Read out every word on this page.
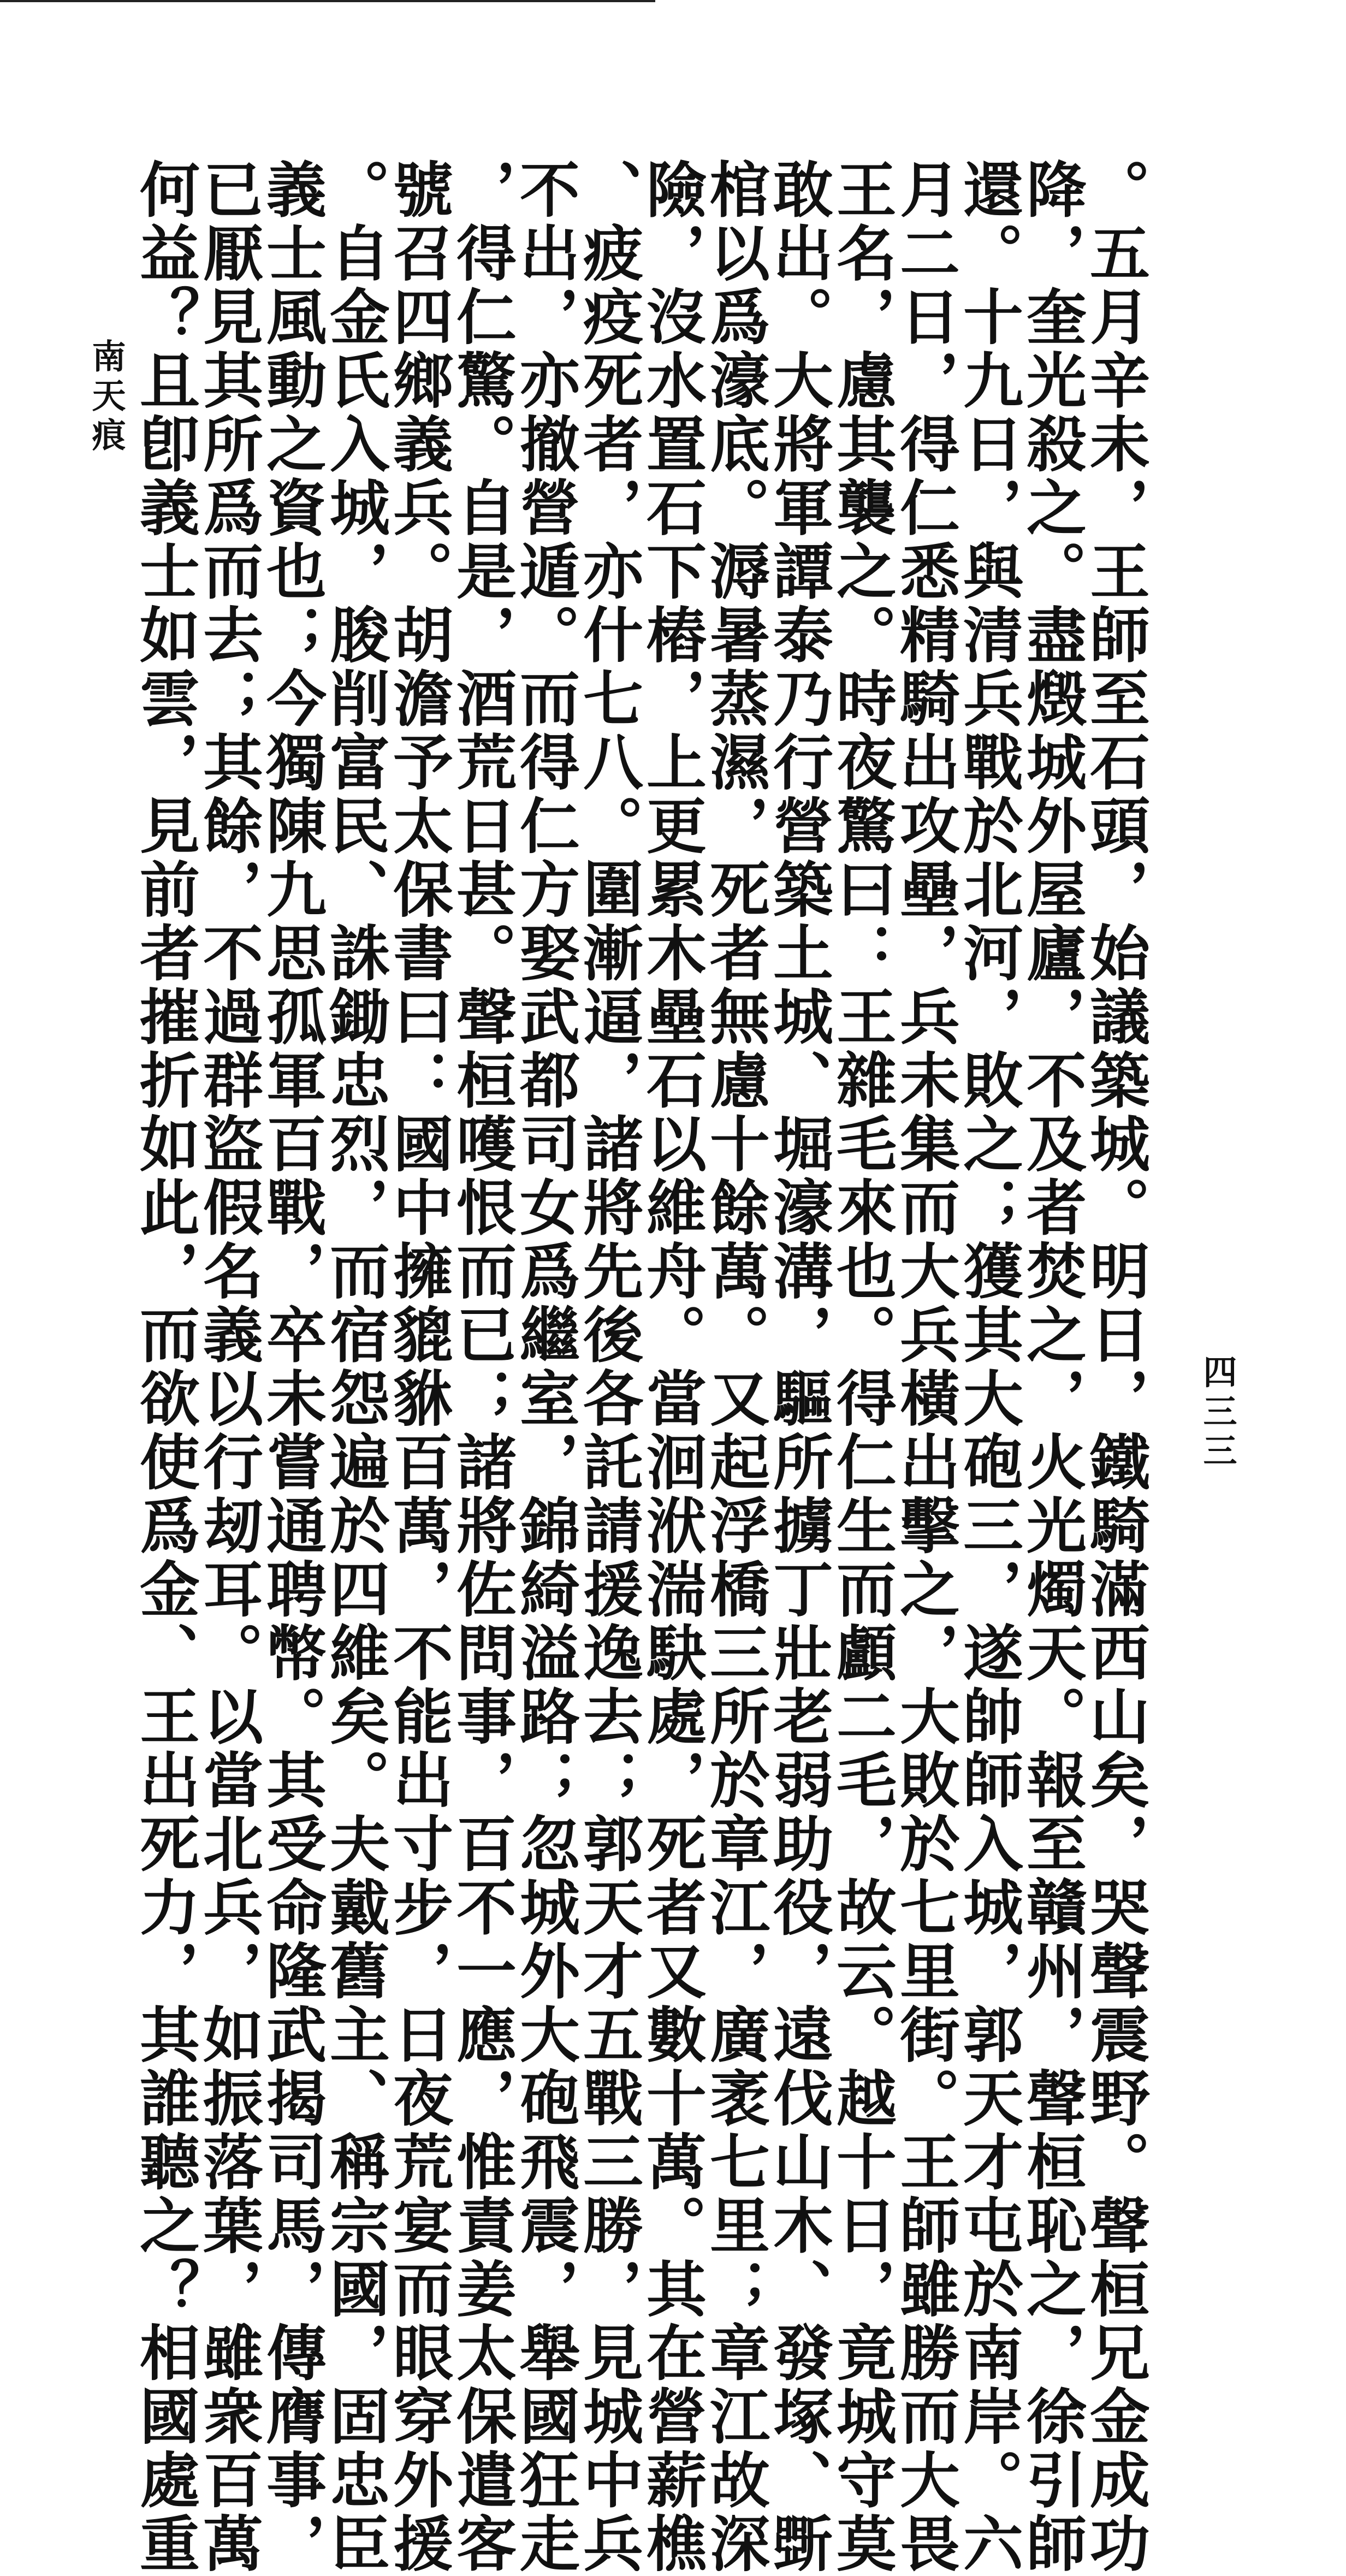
。五月辛未，王師至石頭，始議築城。明日，鐵騎滿西山矣，哭聲震野。聲桓兄金成功
降，奎光殺之。盡燬城外屋廬，不及者焚之，火光燭天。報至贛州，聲桓恥之，徐引師
還。十九日，與清兵戰於北河，敗之；獲其大砲三，遂帥師入城，郭天才屯於南岸。六
月二日，得仁悉精騎出攻壘，兵未集而大兵橫出擊之，大敗於七里街。王師雖勝而大畏
王名，慮其襲之。時夜驚曰：王雜毛來也。得仁生而顱二毛，故云。越十日，竟城守莫
敢出。大將軍譚泰乃行營築土城、堀濠溝，驅所擄丁壯老弱助役，遠伐山木、發塚、斲
棺以爲濠底。溽暑蒸濕，死者無慮十餘萬。又起浮橋三所於章江，廣袤七里；章江故深
險，沒水置石下樁，上更累木壘石以維舟。當洄洑湍駃處，死者又數十萬。其在營薪樵
、疲疫死者，亦什七八。圍漸逼，諸將先後各託請援逸去；郭天才五戰三勝，見城中兵
不出，亦撤營遁。而得仁方娶武都司女爲繼室，錦綺溢路；忽城外大砲飛震，舉國狂走
，得仁驚。自是，酒荒日甚。聲桓嚄恨而已；諸將佐問事，百不一應，惟責姜太保遣客
號召四鄉義兵。胡澹予太保書曰：國中擁貔貅百萬，不能出寸步，日夜荒宴而眼穿外援
。自金氏入城，朘削富民、誅鋤忠烈，而宿怨遍於四維矣。夫戴舊主、稱宗國，固忠臣
義士風動之資也；今獨陳九思孤軍百戰，卒未嘗通聘幣。其受命隆武揭司馬，傳膺事，
已厭見其所爲而去；其餘，不過群盜假名義以行刼耳。以當北兵，如振落葉，雖衆百萬
何益？且卽義士如雲，見前者摧折如此，而欲使爲金、王出死力，其誰聽之？相國處重
南天痕
四三三
